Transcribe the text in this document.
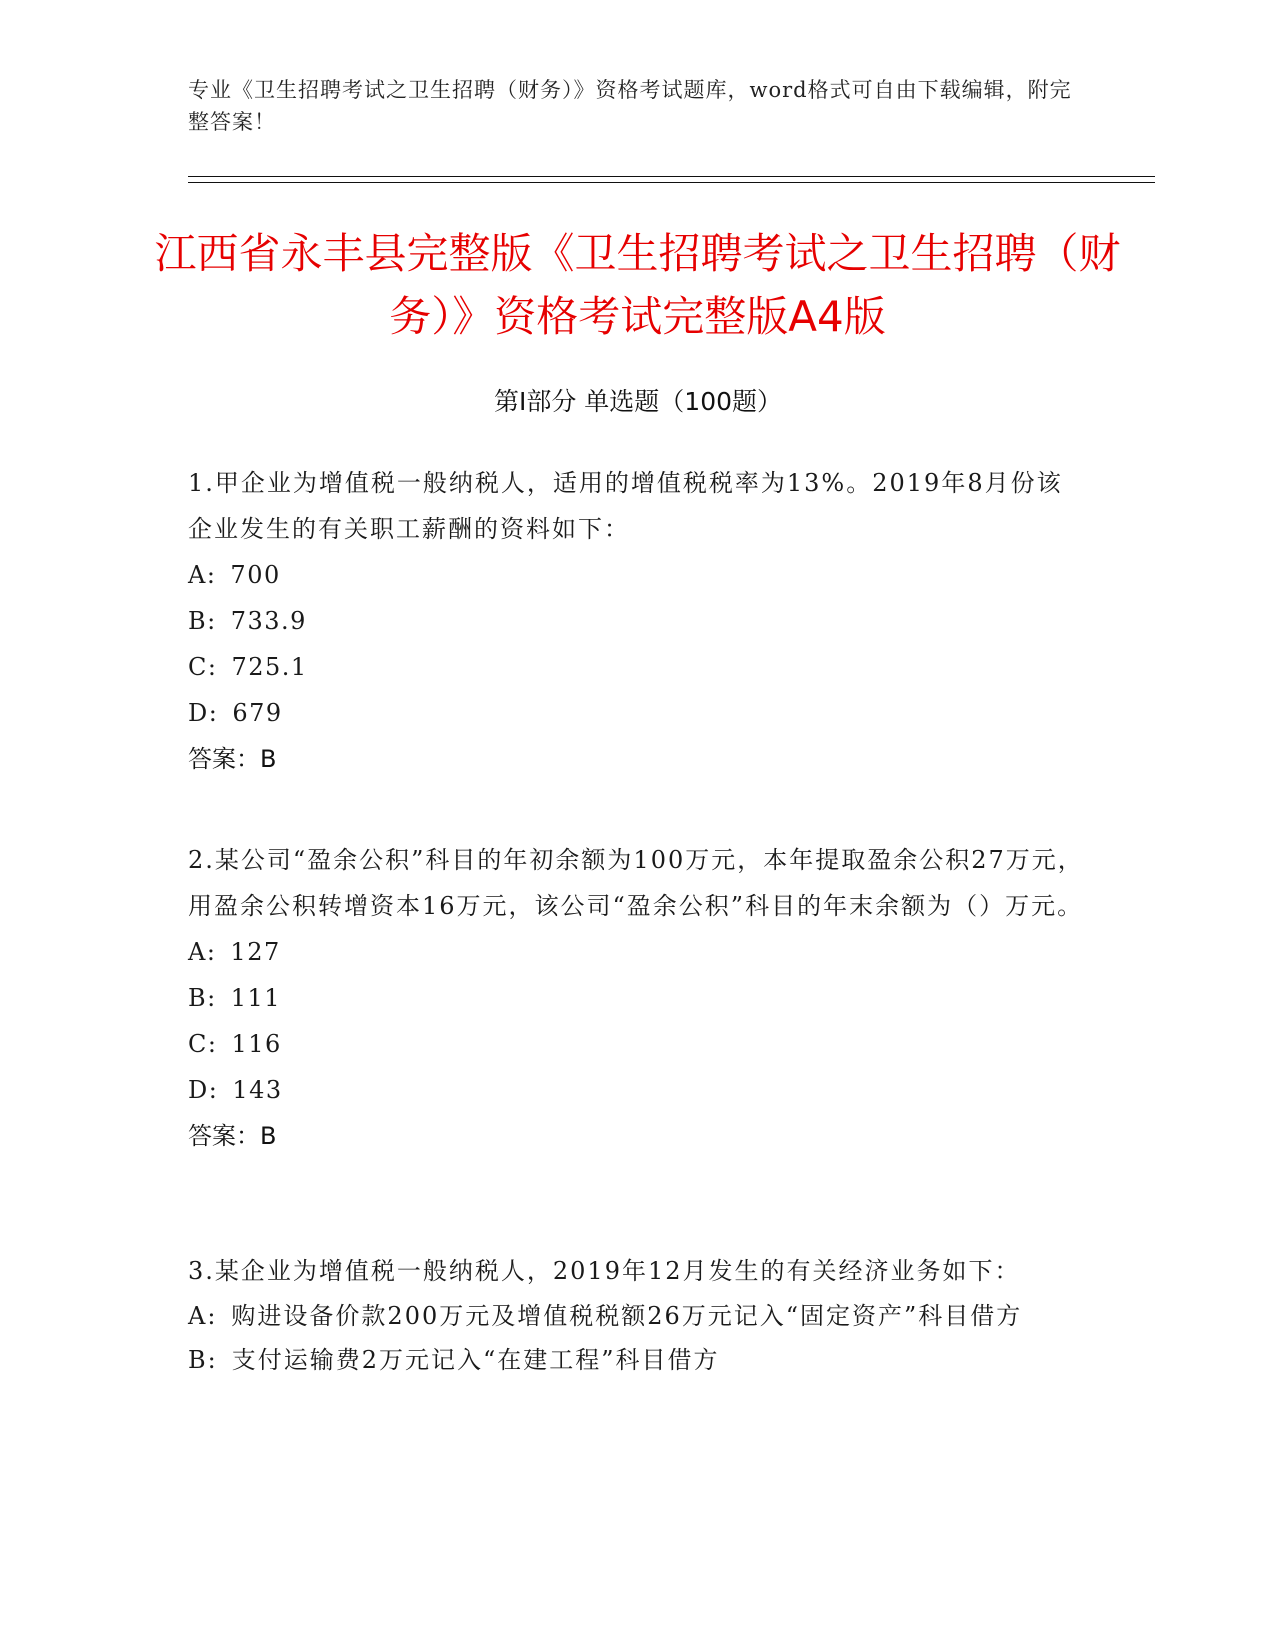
专业《卫生招聘考试之卫生招聘（财务）》资格考试题库，word格式可自由下载编辑，附完整答案！
江西省永丰县完整版《卫生招聘考试之卫生招聘（财务）》资格考试完整版A4版
第Ⅰ部分 单选题（100题）

1.甲企业为增值税一般纳税人，适用的增值税税率为13%。2019年8月份该企业发生的有关职工薪酬的资料如下：

A: 700

B: 733.9

C: 725.1

D: 679

答案：B

2.某公司“盈余公积”科目的年初余额为100万元，本年提取盈余公积27万元，用盈余公积转增资本16万元，该公司“盈余公积”科目的年末余额为（）万元。

A: 127

B: 111

C: 116

D: 143

答案：B

3.某企业为增值税一般纳税人，2019年12月发生的有关经济业务如下：

A: 购进设备价款200万元及增值税税额26万元记入“固定资产”科目借方

B: 支付运输费2万元记入“在建工程”科目借方
